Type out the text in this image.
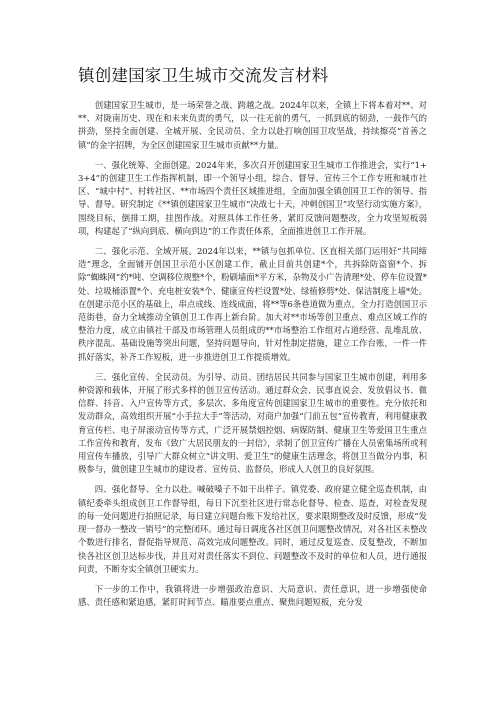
镇创建国家卫生城市交流发言材料

创建国家卫生城市，是一场荣誉之战、跨越之战。2024年以来，全镇上下将本着对**、对**、对陇南历史、现在和未来负责的勇气，以一往无前的勇气，一抓到底的韧劲，一鼓作气的拼劲，坚持全面创建、全城开展、全民动员、全力以赴打响创国卫攻坚战，持续擦亮“首善之镇”的金字招牌，为全区创建国家卫生城市贡献**力量。

一、强化统筹、全面创建。2024年来，多次召开创建国家卫生城市工作推进会，实行“1+3+4”的创建卫生工作指挥机制，即一个领导小组，综合、督导、宣传三个工作专班和城市社区、“城中村”、村转社区、**市场四个责任区域推进组，全面加强全镇创国卫工作的领导、指导、督导。研究制定《**镇创建国家卫生城市“决战七十天，冲刺创国卫”攻坚行动实施方案》，围绕目标，倒排工期，挂图作战。对照具体工作任务，紧盯反馈问题整改，全力攻坚短板弱项，构建起了“纵向到底、横向到边”的工作责任体系，全面推进创卫工作开展。

二、强化示范、全域开展。2024年以来，**镇与包抓单位、区直相关部门运用好“共同缔造”理念，全面铺开创国卫示范小区创建工作，截止目前共创建*个，共拆除防盗窗*个、拆除“蜘蛛网”约*吨、空调移位规整*个，粉刷墙面*平方米，杂物及小广告清理*处、停车位设置*处、垃圾桶添置*个、充电桩安装*个、健康宣传栏设置*处、绿植修剪*处、保洁制度上墙*处。在创建示范小区的基础上，串点成线、连线成面，将**等6条巷道做为重点，全力打造创国卫示范街巷，奋力全域推动全镇创卫工作再上新台阶。加大对**市场等创卫重点、难点区域工作的整治力度，成立由镇社干部及市场管理人员组成的**市场整治工作组对占道经营、乱堆乱放、秩序混乱、基础设施等突出问题，坚持问题导向，针对性制定措施，建立工作台账，一件一件抓好落实，补齐工作短板，进一步推进创卫工作提质增效。

三、强化宣传、全民动员。为引导、动员、团结居民共同参与国家卫生城市创建，利用多种资源和载体，开展了形式多样的创卫宣传活动。通过群众会、民事直说会、发放倡议书、微信群、抖音、入户宣传等方式，多层次、多角度宣传创建国家卫生城市的重要性。充分依托和发动群众，高效组织开展“小手拉大手”等活动，对商户加强“门前五包”宣传教育，利用健康教育宣传栏、电子屏滚动宣传等方式，广泛开展禁烟控烟、病媒防制、健康卫生等爱国卫生重点工作宣传和教育，发布《致广大居民朋友的一封信》，录制了创卫宣传广播在人员密集场所或利用宣传车播放，引导广大群众树立“讲文明、爱卫生”的健康生活理念，将创卫当做分内事，积极参与，做创建卫生城市的建设者、宣传员、监督员，形成人人创卫的良好氛围。

四、强化督导、全力以赴。喊破嗓子不如干出样子。镇党委、政府建立健全巡查机制，由镇纪委牵头组成创卫工作督导组，每日下沉至社区进行常态化督导、检查、巡查，对检查发现的每一处问题进行拍照记录，每日建立问题台账下发给社区，要求限期整改及时反馈，形成“发现一督办一整改一销号”的完整闭环。通过每日调度各社区创卫问题整改情况，对各社区未整改个数进行排名，督促指导规范、高效完成问题整改。同时，通过反复巡查、反复整改，不断加快各社区创卫达标步伐，并且对对责任落实不到位、问题整改不及时的单位和人员，进行通报问责，不断夯实全镇创卫硬实力。

下一步的工作中，我镇将进一步增强政治意识、大局意识、责任意识，进一步增强使命感、责任感和紧迫感，紧盯时间节点、瞄准要点重点、聚焦问题短板，充分发
